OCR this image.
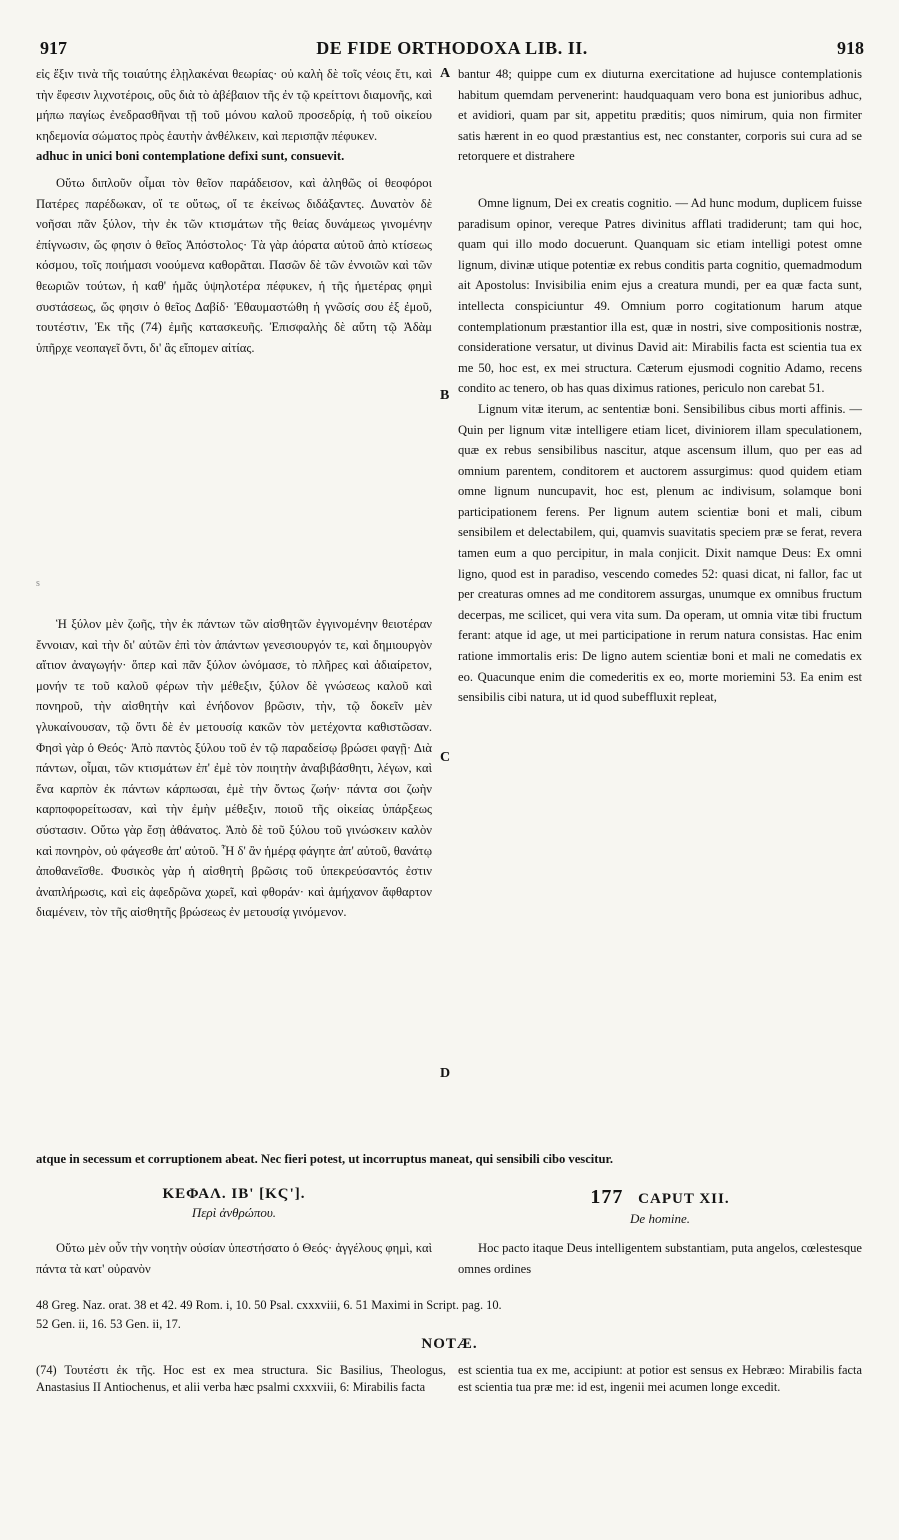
917	DE FIDE ORTHODOXA LIB. II.	918
A
B
C
D

εἰς ἕξιν τινὰ τῆς τοιαύτης ἐλῃλακέναι θεωρίας· οὐ καλὴ δὲ τοῖς νέοις ἔτι, καὶ τὴν ἔφεσιν λιχνοτέροις, οὓς διὰ τὸ ἀβέβαιον τῆς ἐν τῷ κρείττονι διαμονῆς, καὶ μήπω παγίως ἐνεδρασθῆναι τῇ τοῦ μόνου καλοῦ προσεδρίᾳ, ἡ τοῦ οἰκείου κηδεμονία σώματος πρὸς ἑαυτὴν ἀνθέλκειν, καὶ περισπᾷν πέφυκεν.

adhuc in unici boni contemplatione defixi sunt, consuevit.

Οὕτω διπλοῦν οἶμαι τὸν θεῖον παράδεισον, καὶ ἀληθῶς οἱ θεοφόροι Πατέρες παρέδωκαν, οἵ τε οὕτως, οἵ τε ἐκείνως διδάξαντες. Δυνατὸν δὲ νοῆσαι πᾶν ξύλον, τὴν ἐκ τῶν κτισμάτων τῆς θείας δυνάμεως γινομένην ἐπίγνωσιν, ὥς φησιν ὁ θεῖος Ἀπόστολος· Τὰ γὰρ ἀόρατα αὐτοῦ ἀπὸ κτίσεως κόσμου, τοῖς ποιήμασι νοούμενα καθορᾶται. Πασῶν δὲ τῶν ἐννοιῶν καὶ τῶν θεωριῶν τούτων, ἡ καθ' ἡμᾶς ὑψηλοτέρα πέφυκεν, ἡ τῆς ἡμετέρας φημὶ συστάσεως, ὥς φησιν ὁ θεῖος Δαβίδ· Ἐθαυμαστώθη ἡ γνῶσίς σου ἐξ ἐμοῦ, τουτέστιν, Ἐκ τῆς (74) ἐμῆς κατασκευῆς. Ἐπισφαλὴς δὲ αὕτη τῷ Ἀδὰμ ὑπῆρχε νεοπαγεῖ ὄντι, δι' ἃς εἴπομεν αἰτίας.

s

Ἡ ξύλον μὲν ζωῆς, τὴν ἐκ πάντων τῶν αἰσθητῶν ἐγγινομένην θειοτέραν ἔννοιαν, καὶ τὴν δι' αὐτῶν ἐπὶ τὸν ἁπάντων γενεσιουργόν τε, καὶ δημιουργὸν αἴτιον ἀναγωγήν· ὅπερ καὶ πᾶν ξύλον ὠνόμασε, τὸ πλῆρες καὶ ἀδιαίρετον, μονήν τε τοῦ καλοῦ φέρων τὴν μέθεξιν, ξύλον δὲ γνώσεως καλοῦ καὶ πονηροῦ, τὴν αἰσθητὴν καὶ ἐνήδονον βρῶσιν, τὴν, τῷ δοκεῖν μὲν γλυκαίνουσαν, τῷ ὄντι δὲ ἐν μετουσίᾳ κακῶν τὸν μετέχοντα καθιστῶσαν. Φησὶ γὰρ ὁ Θεός· Ἀπὸ παντὸς ξύλου τοῦ ἐν τῷ παραδείσῳ βρώσει φαγῇ· Διὰ πάντων, οἶμαι, τῶν κτισμάτων ἐπ' ἐμὲ τὸν ποιητὴν ἀναβιβάσθητι, λέγων, καὶ ἕνα καρπὸν ἐκ πάντων κάρπωσαι, ἐμὲ τὴν ὄντως ζωήν· πάντα σοι ζωὴν καρποφορείτωσαν, καὶ τὴν ἐμὴν μέθεξιν, ποιοῦ τῆς οἰκείας ὑπάρξεως σύστασιν. Οὕτω γὰρ ἔσῃ ἀθάνατος. Ἀπὸ δὲ τοῦ ξύλου τοῦ γινώσκειν καλὸν καὶ πονηρὸν, οὐ φάγεσθε ἀπ' αὐτοῦ. Ἧ δ' ἂν ἡμέρᾳ φάγητε ἀπ' αὐτοῦ, θανάτῳ ἀποθανεῖσθε. Φυσικὸς γὰρ ἡ αἰσθητὴ βρῶσις τοῦ ὑπεκρεύσαντός ἐστιν ἀναπλήρωσις, καὶ εἰς ἀφεδρῶνα χωρεῖ, καὶ φθοράν· καὶ ἀμήχανον ἄφθαρτον διαμένειν, τὸν τῆς αἰσθητῆς βρώσεως ἐν μετουσίᾳ γινόμενον.

bantur 48; quippe cum ex diuturna exercitatione ad hujusce contemplationis habitum quemdam pervenerint: haudquaquam vero bona est junioribus adhuc, et avidiori, quam par sit, appetitu præditis; quos nimirum, quia non firmiter satis hærent in eo quod præstantius est, nec constanter, corporis sui cura ad se retorquere et distrahere

Omne lignum, Dei ex creatis cognitio. — Ad hunc modum, duplicem fuisse paradisum opinor, vereque Patres divinitus afflati tradiderunt; tam qui hoc, quam qui illo modo docuerunt. Quanquam sic etiam intelligi potest omne lignum, divinæ utique potentiæ ex rebus conditis parta cognitio, quemadmodum ait Apostolus: Invisibilia enim ejus a creatura mundi, per ea quæ facta sunt, intellecta conspiciuntur 49. Omnium porro cogitationum harum atque contemplationum præstantior illa est, quæ in nostri, sive compositionis nostræ, consideratione versatur, ut divinus David ait: Mirabilis facta est scientia tua ex me 50, hoc est, ex mei structura. Cæterum ejusmodi cognitio Adamo, recens condito ac tenero, ob has quas diximus rationes, periculo non carebat 51.

Lignum vitæ iterum, ac sententiæ boni. Sensibilibus cibus morti affinis. — Quin per lignum vitæ intelligere etiam licet, diviniorem illam speculationem, quæ ex rebus sensibilibus nascitur, atque ascensum illum, quo per eas ad omnium parentem, conditorem et auctorem assurgimus: quod quidem etiam omne lignum nuncupavit, hoc est, plenum ac indivisum, solamque boni participationem ferens. Per lignum autem scientiæ boni et mali, cibum sensibilem et delectabilem, qui, quamvis suavitatis speciem præ se ferat, revera tamen eum a quo percipitur, in mala conjicit. Dixit namque Deus: Ex omni ligno, quod est in paradiso, vescendo comedes 52: quasi dicat, ni fallor, fac ut per creaturas omnes ad me conditorem assurgas, unumque ex omnibus fructum decerpas, me scilicet, qui vera vita sum. Da operam, ut omnia vitæ tibi fructum ferant: atque id age, ut mei participatione in rerum natura consistas. Hac enim ratione immortalis eris: De ligno autem scientiæ boni et mali ne comedatis ex eo. Quacunque enim die comederitis ex eo, morte moriemini 53. Ea enim est sensibilis cibi natura, ut id quod subeffluxit repleat,

atque in secessum et corruptionem abeat. Nec fieri potest, ut incorruptus maneat, qui sensibili cibo vescitur.
ΚΕΦΑΛ. ΙΒ' [ΚϚ'].
Περὶ ἀνθρώπου.
177 CAPUT XII.
De homine.

Οὕτω μὲν οὖν τὴν νοητὴν οὐσίαν ὑπεστήσατο ὁ Θεός· ἀγγέλους φημὶ, καὶ πάντα τὰ κατ' οὐρανὸν

Hoc pacto itaque Deus intelligentem substantiam, puta angelos, cœlestesque omnes ordines

48 Greg. Naz. orat. 38 et 42. 49 Rom. i, 10. 50 Psal. cxxxviii, 6. 51 Maximi in Script. pag. 10.
52 Gen. ii, 16. 53 Gen. ii, 17.
NOTÆ.
(74) Τουτέστι ἐκ τῆς. Hoc est ex mea structura. Sic Basilius, Theologus, Anastasius II Antiochenus, et alii verba hæc psalmi cxxxviii, 6: Mirabilis facta
est scientia tua ex me, accipiunt: at potior est sensus ex Hebræo: Mirabilis facta est scientia tua præ me: id est, ingenii mei acumen longe excedit.
